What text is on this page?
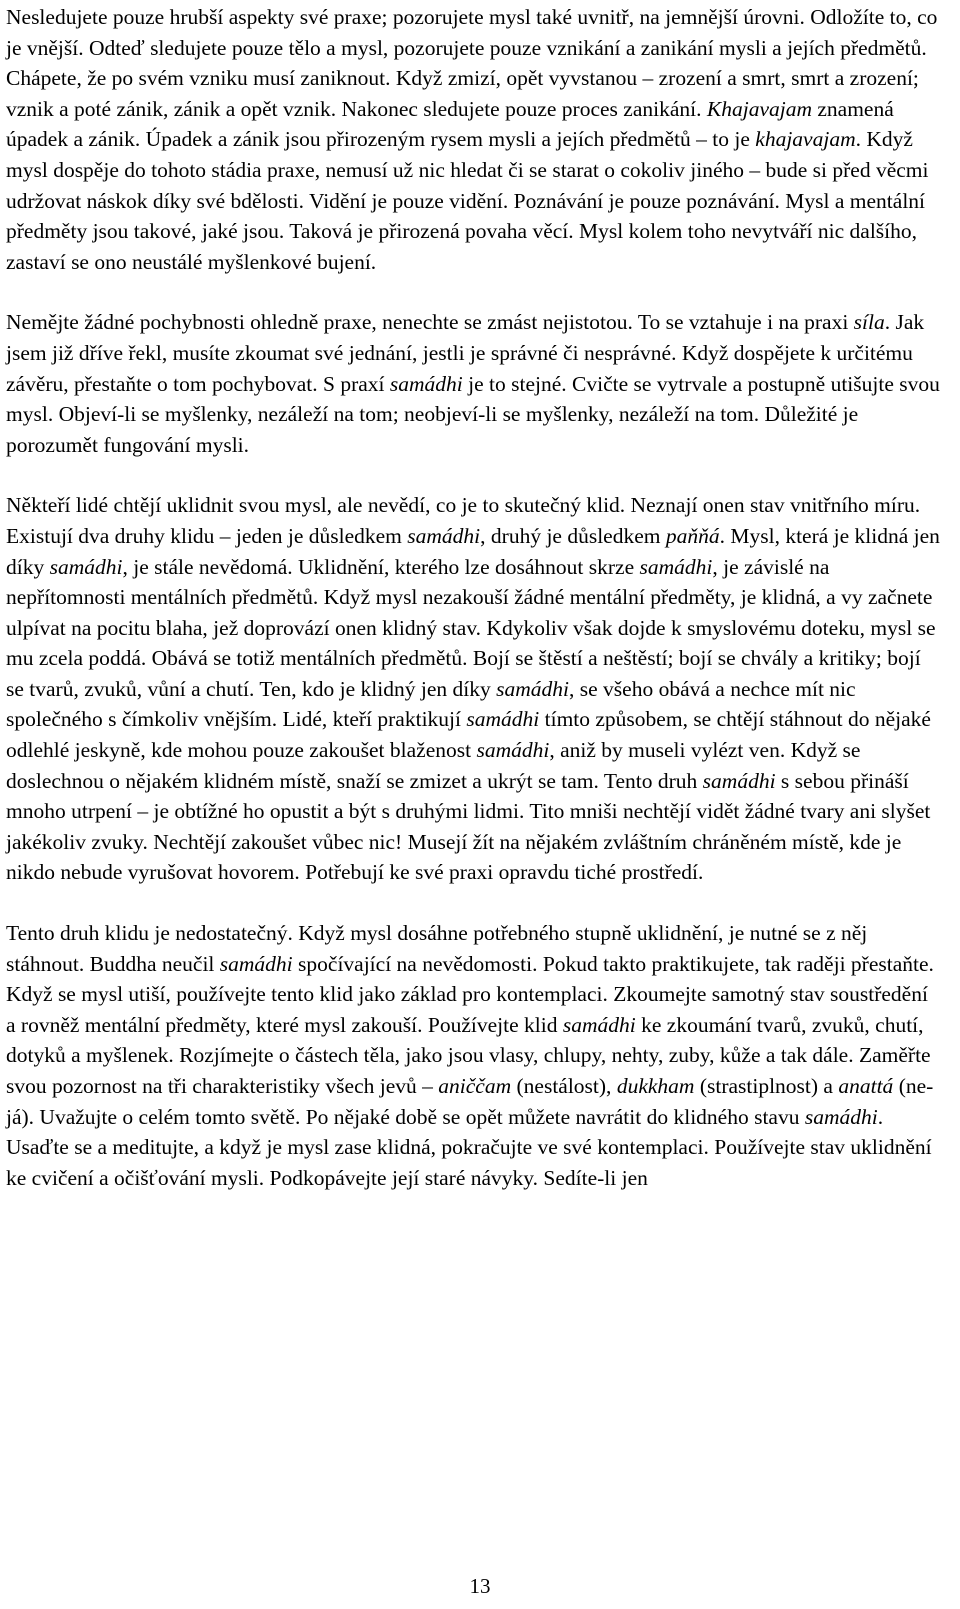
Nesledujete pouze hrubší aspekty své praxe; pozorujete mysl také uvnitř, na jemnější úrovni. Odložíte to, co je vnější. Odteď sledujete pouze tělo a mysl, pozorujete pouze vznikání a zanikání mysli a jejích předmětů. Chápete, že po svém vzniku musí zaniknout. Když zmizí, opět vyvstanou – zrození a smrt, smrt a zrození; vznik a poté zánik, zánik a opět vznik. Nakonec sledujete pouze proces zanikání. Khajavajam znamená úpadek a zánik. Úpadek a zánik jsou přirozeným rysem mysli a jejích předmětů – to je khajavajam. Když mysl dospěje do tohoto stádia praxe, nemusí už nic hledat či se starat o cokoliv jiného – bude si před věcmi udržovat náskok díky své bdělosti. Vidění je pouze vidění. Poznávání je pouze poznávání. Mysl a mentální předměty jsou takové, jaké jsou. Taková je přirozená povaha věcí. Mysl kolem toho nevytváří nic dalšího, zastaví se ono neustálé myšlenkové bujení.

Nemějte žádné pochybnosti ohledně praxe, nenechte se zmást nejistotou. To se vztahuje i na praxi síla. Jak jsem již dříve řekl, musíte zkoumat své jednání, jestli je správné či nesprávné. Když dospějete k určitému závěru, přestaňte o tom pochybovat. S praxí samádhi je to stejné. Cvičte se vytrvale a postupně utišujte svou mysl. Objeví-li se myšlenky, nezáleží na tom; neobjeví-li se myšlenky, nezáleží na tom. Důležité je porozumět fungování mysli.

Někteří lidé chtějí uklidnit svou mysl, ale nevědí, co je to skutečný klid. Neznají onen stav vnitřního míru. Existují dva druhy klidu – jeden je důsledkem samádhi, druhý je důsledkem paňňá. Mysl, která je klidná jen díky samádhi, je stále nevědomá. Uklidnění, kterého lze dosáhnout skrze samádhi, je závislé na nepřítomnosti mentálních předmětů. Když mysl nezakouší žádné mentální předměty, je klidná, a vy začnete ulpívat na pocitu blaha, jež doprovází onen klidný stav. Kdykoliv však dojde k smyslovému doteku, mysl se mu zcela poddá. Obává se totiž mentálních předmětů. Bojí se štěstí a neštěstí; bojí se chvály a kritiky; bojí se tvarů, zvuků, vůní a chutí. Ten, kdo je klidný jen díky samádhi, se všeho obává a nechce mít nic společného s čímkoliv vnějším. Lidé, kteří praktikují samádhi tímto způsobem, se chtějí stáhnout do nějaké odlehlé jeskyně, kde mohou pouze zakoušet blaženost samádhi, aniž by museli vylézt ven. Když se doslechnou o nějakém klidném místě, snaží se zmizet a ukrýt se tam. Tento druh samádhi s sebou přináší mnoho utrpení – je obtížné ho opustit a být s druhými lidmi. Tito mniši nechtějí vidět žádné tvary ani slyšet jakékoliv zvuky. Nechtějí zakoušet vůbec nic! Musejí žít na nějakém zvláštním chráněném místě, kde je nikdo nebude vyrušovat hovorem. Potřebují ke své praxi opravdu tiché prostředí.

Tento druh klidu je nedostatečný. Když mysl dosáhne potřebného stupně uklidnění, je nutné se z něj stáhnout. Buddha neučil samádhi spočívající na nevědomosti. Pokud takto praktikujete, tak raději přestaňte. Když se mysl utiší, používejte tento klid jako základ pro kontemplaci. Zkoumejte samotný stav soustředění a rovněž mentální předměty, které mysl zakouší. Používejte klid samádhi ke zkoumání tvarů, zvuků, chutí, dotyků a myšlenek. Rozjímejte o částech těla, jako jsou vlasy, chlupy, nehty, zuby, kůže a tak dále. Zaměřte svou pozornost na tři charakteristiky všech jevů – aniččam (nestálost), dukkham (strastiplnost) a anattá (ne-já). Uvažujte o celém tomto světě. Po nějaké době se opět můžete navrátit do klidného stavu samádhi. Usaďte se a meditujte, a když je mysl zase klidná, pokračujte ve své kontemplaci. Používejte stav uklidnění ke cvičení a očišťování mysli. Podkopávejte její staré návyky. Sedíte-li jen

13
